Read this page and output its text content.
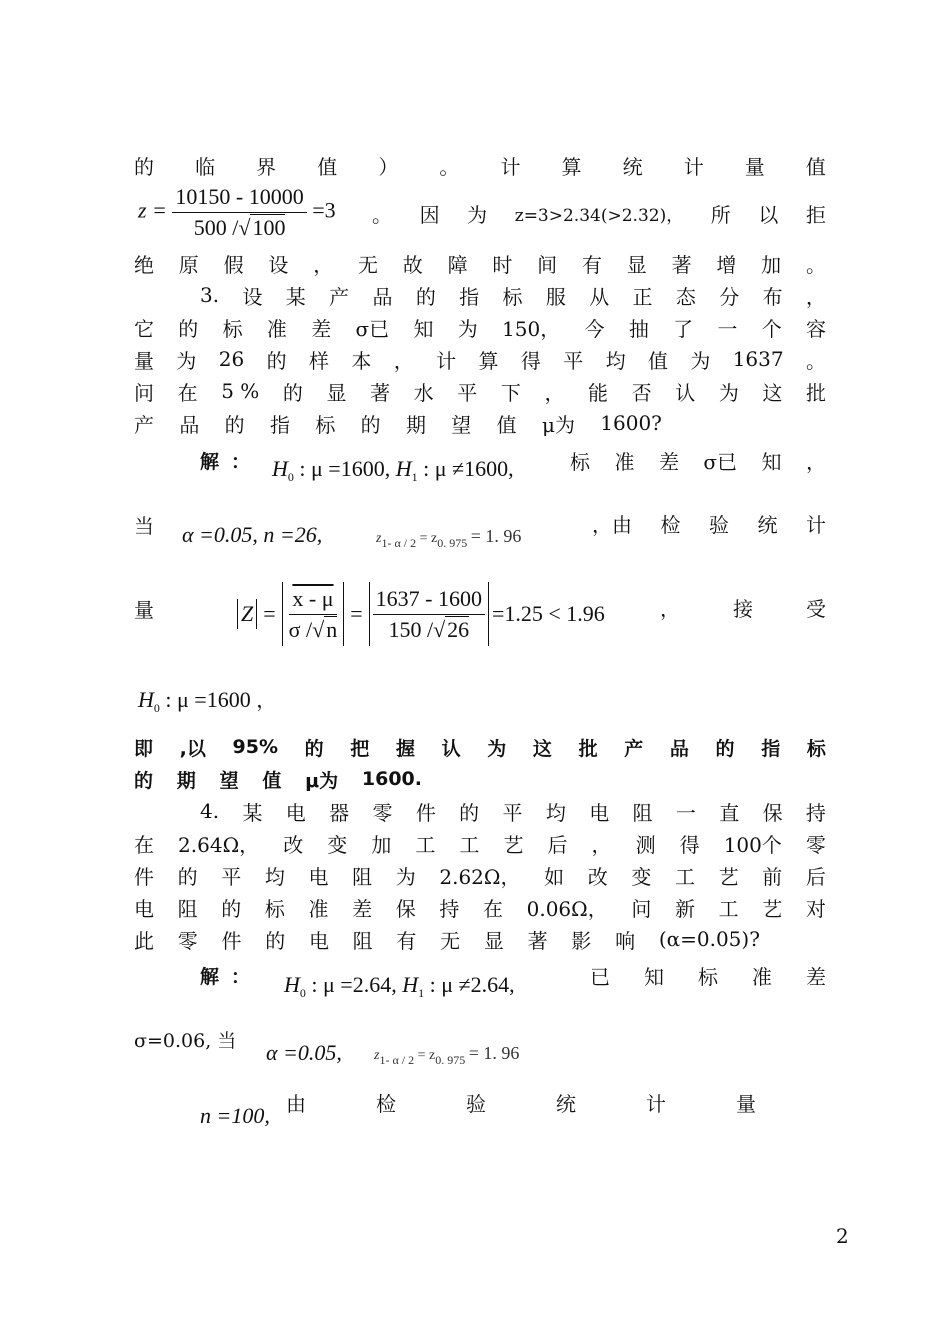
的 临 界 值 ） 。 计 算 统 计 量 值
$z = \frac{10150 - 10000}{500 /√100} =3$ 。 因 为 z=3>2.34(>2.32)， 所 以 拒
绝 原 假 设 ， 无 故 障 时 间 有 显 著 增 加 。
3. 设 某 产 品 的 指 标 服 从 正 态 分 布 ，
它 的 标 准 差 σ已 知 为 150， 今 抽 了 一 个 容
量 为 26 的 样 本 ， 计 算 得 平 均 值 为 1637 。
问 在 5 % 的 显 著 水 平 下 ， 能 否 认 为 这 批
产 品 的 指 标 的 期 望 值 μ为 1600?
解 ： $H_0$ : μ =1600, $H_1$ : μ ≠1600,	标 准 差 σ已 知 ，
当 α =0.05, n =26,	z1- α / 2 = z0. 975 = 1. 96	，由 检 验 统 计
量	$Z = \frac{x - \mu}{\sigma /√n} = \frac{1637 - 1600}{150 /√26} =1.25 < 1.96$	，	接	受
$H_0$ : μ =1600 ，
即 ,以 95% 的 把 握 认 为 这 批 产 品 的 指 标
的 期 望 值 μ为 1600.
4. 某 电 器 零 件 的 平 均 电 阻 一 直 保 持
在 2.64Ω， 改 变 加 工 工 艺 后 ， 测 得 100个 零
件 的 平 均 电 阻 为 2.62Ω， 如 改 变 工 艺 前 后
电 阻 的 标 准 差 保 持 在 0.06Ω， 问 新 工 艺 对
此 零 件 的 电 阻 有 无 显 著 影 响 (α=0.05)?
解 ： $H_0$ : μ =2.64, $H_1$ : μ ≠2.64,	已 知 标 准 差
σ=0.06, 当 α =0.05, z1- α / 2 = z0. 975 = 1. 96
n =100, 由	检	验	统	计	量
2
